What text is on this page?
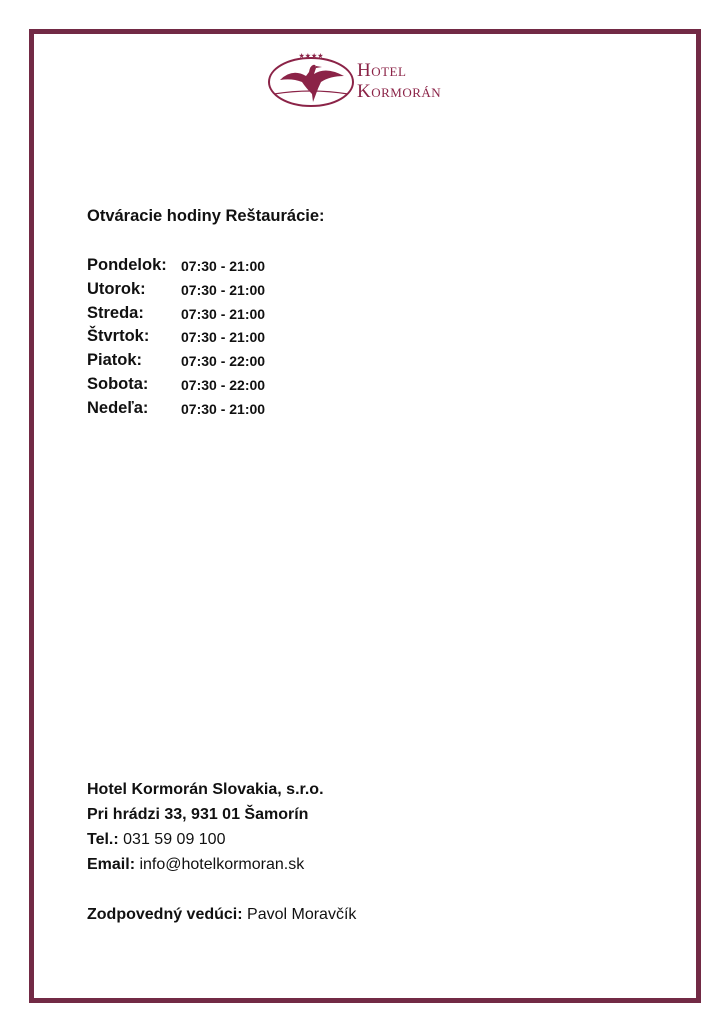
★★★★
Hotel
Kormorán
Otváracie hodiny Reštaurácie:
Pondelok: 07:30 - 21:00
Utorok:	07:30 - 21:00
Streda:	07:30 - 21:00
Štvrtok: 07:30 - 21:00
Piatok:	07:30 - 22:00
Sobota: 07:30 - 22:00
Nedeľa: 07:30 - 21:00
Hotel Kormorán Slovakia, s.r.o.
Pri hrádzi 33, 931 01 Šamorín
Tel.: 031 59 09 100
Email: info@hotelkormoran.sk
Zodpovedný vedúci: Pavol Moravčík
